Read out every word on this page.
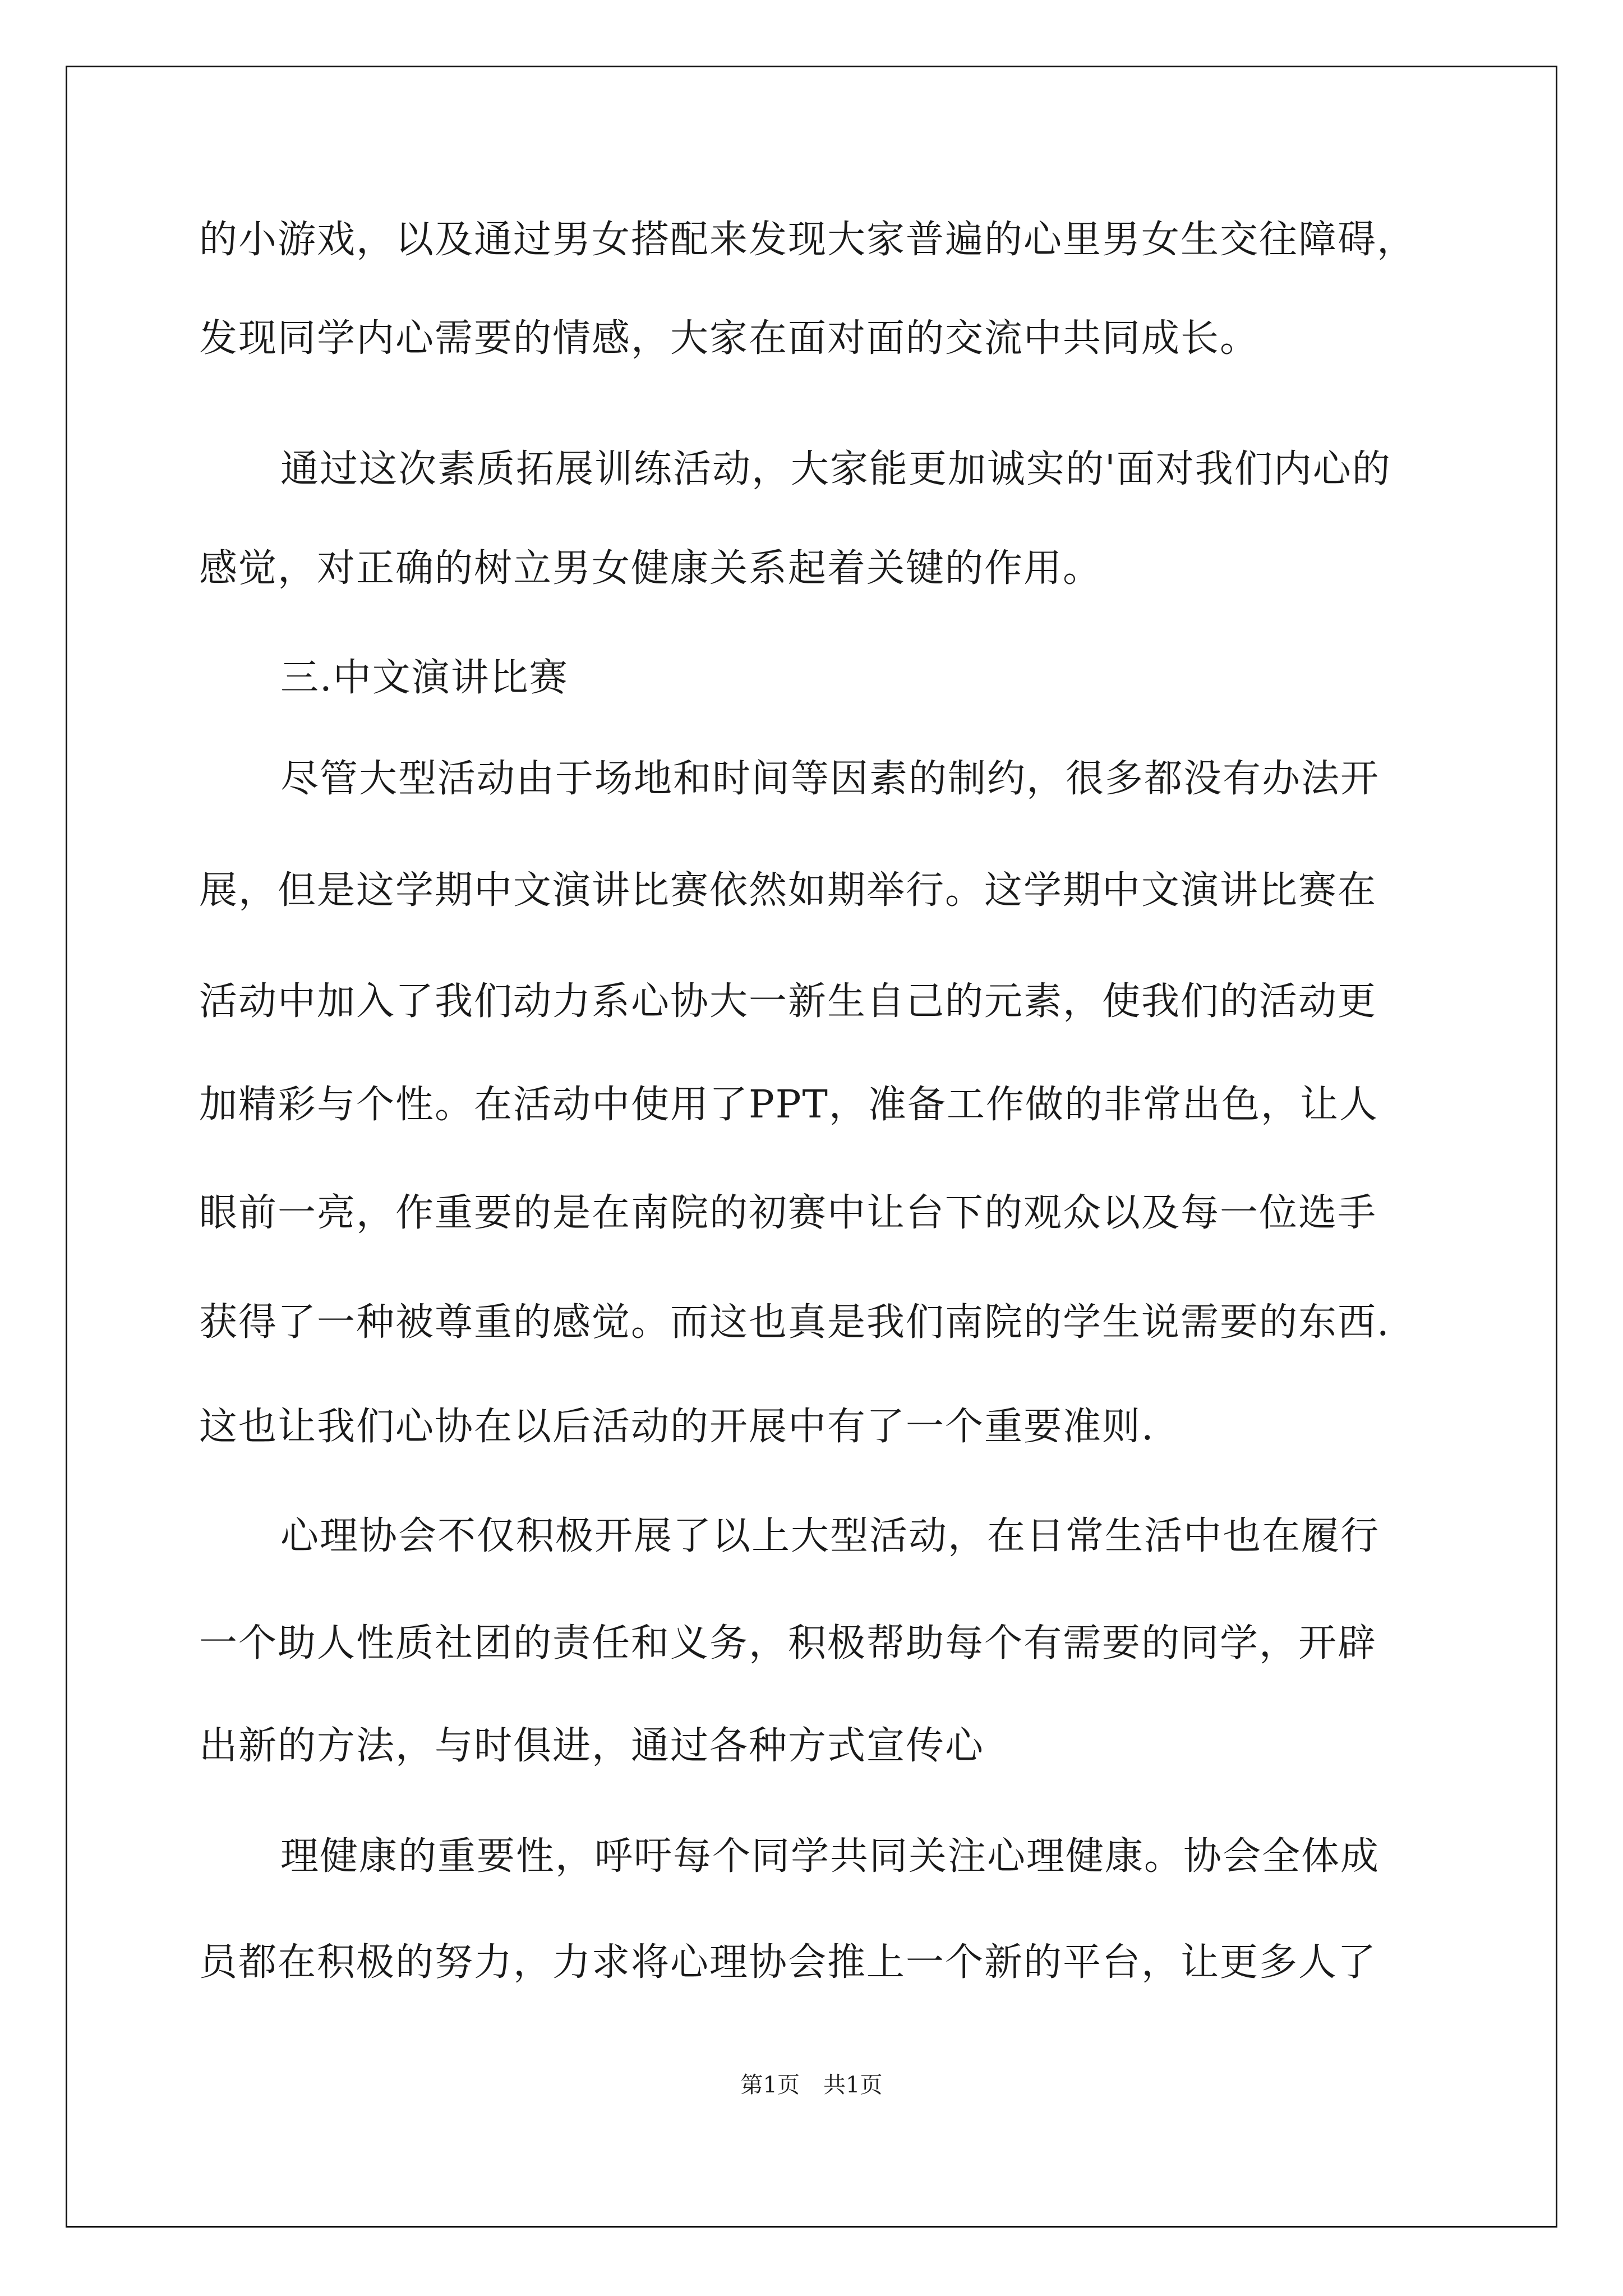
的小游戏，以及通过男女搭配来发现大家普遍的心里男女生交往障碍，
发现同学内心需要的情感，大家在面对面的交流中共同成长。
通过这次素质拓展训练活动，大家能更加诚实的'面对我们内心的
感觉，对正确的树立男女健康关系起着关键的作用。
三.中文演讲比赛
尽管大型活动由于场地和时间等因素的制约，很多都没有办法开
展，但是这学期中文演讲比赛依然如期举行。这学期中文演讲比赛在
活动中加入了我们动力系心协大一新生自己的元素，使我们的活动更
加精彩与个性。在活动中使用了PPT，准备工作做的非常出色，让人
眼前一亮，作重要的是在南院的初赛中让台下的观众以及每一位选手
获得了一种被尊重的感觉。而这也真是我们南院的学生说需要的东西.
这也让我们心协在以后活动的开展中有了一个重要准则.
心理协会不仅积极开展了以上大型活动，在日常生活中也在履行
一个助人性质社团的责任和义务，积极帮助每个有需要的同学，开辟
出新的方法，与时俱进，通过各种方式宣传心
理健康的重要性，呼吁每个同学共同关注心理健康。协会全体成
员都在积极的努力，力求将心理协会推上一个新的平台，让更多人了
第1页 共1页
